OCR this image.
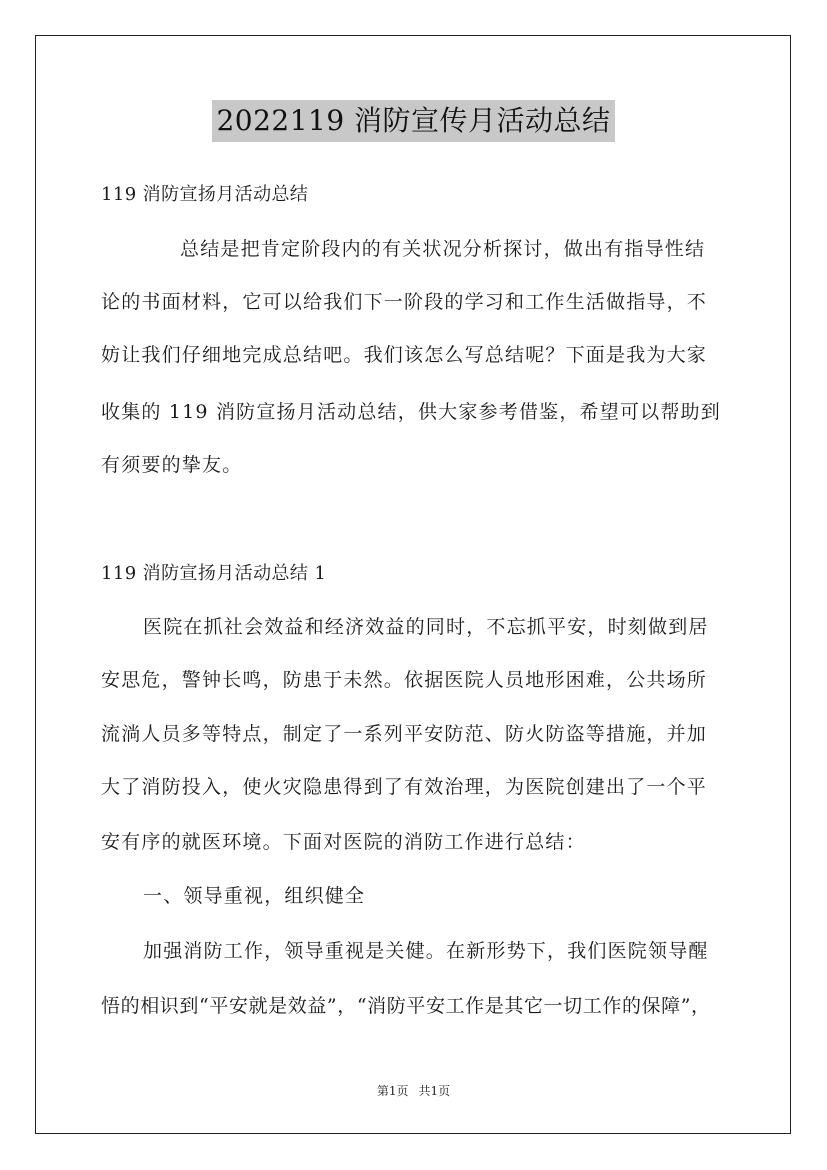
2022119 消防宣传月活动总结
119 消防宣扬月活动总结
总结是把肯定阶段内的有关状况分析探讨，做出有指导性结
论的书面材料，它可以给我们下一阶段的学习和工作生活做指导，不
妨让我们仔细地完成总结吧。我们该怎么写总结呢？下面是我为大家
收集的 119 消防宣扬月活动总结，供大家参考借鉴，希望可以帮助到
有须要的挚友。
119 消防宣扬月活动总结 1
医院在抓社会效益和经济效益的同时，不忘抓平安，时刻做到居
安思危，警钟长鸣，防患于未然。依据医院人员地形困难，公共场所
流淌人员多等特点，制定了一系列平安防范、防火防盗等措施，并加
大了消防投入，使火灾隐患得到了有效治理，为医院创建出了一个平
安有序的就医环境。下面对医院的消防工作进行总结：
一、领导重视，组织健全
加强消防工作，领导重视是关健。在新形势下，我们医院领导醒
悟的相识到“平安就是效益”，“消防平安工作是其它一切工作的保障”，
第1页 共1页
